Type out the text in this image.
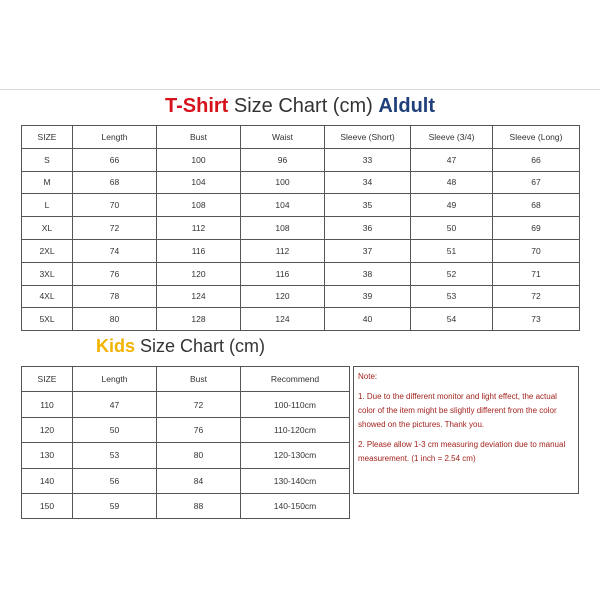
T-Shirt Size Chart (cm) Aldult
SIZE	Length	Bust	Waist	Sleeve (Short)	Sleeve (3/4)	Sleeve (Long)
S	66	100	96	33	47	66
M	68	104	100	34	48	67
L	70	108	104	35	49	68
XL	72	112	108	36	50	69
2XL	74	116	112	37	51	70
3XL	76	120	116	38	52	71
4XL	78	124	120	39	53	72
5XL	80	128	124	40	54	73
Kids Size Chart (cm)
SIZE	Length	Bust	Recommend
110	47	72	100-110cm
120	50	76	110-120cm
130	53	80	120-130cm
140	56	84	130-140cm
150	59	88	140-150cm

Note:

1. Due to the different monitor and light effect, the actual color of the item might be slightly different from the color showed on the pictures. Thank you.

2. Please allow 1-3 cm measuring deviation due to manual measurement. (1 inch = 2.54 cm)
